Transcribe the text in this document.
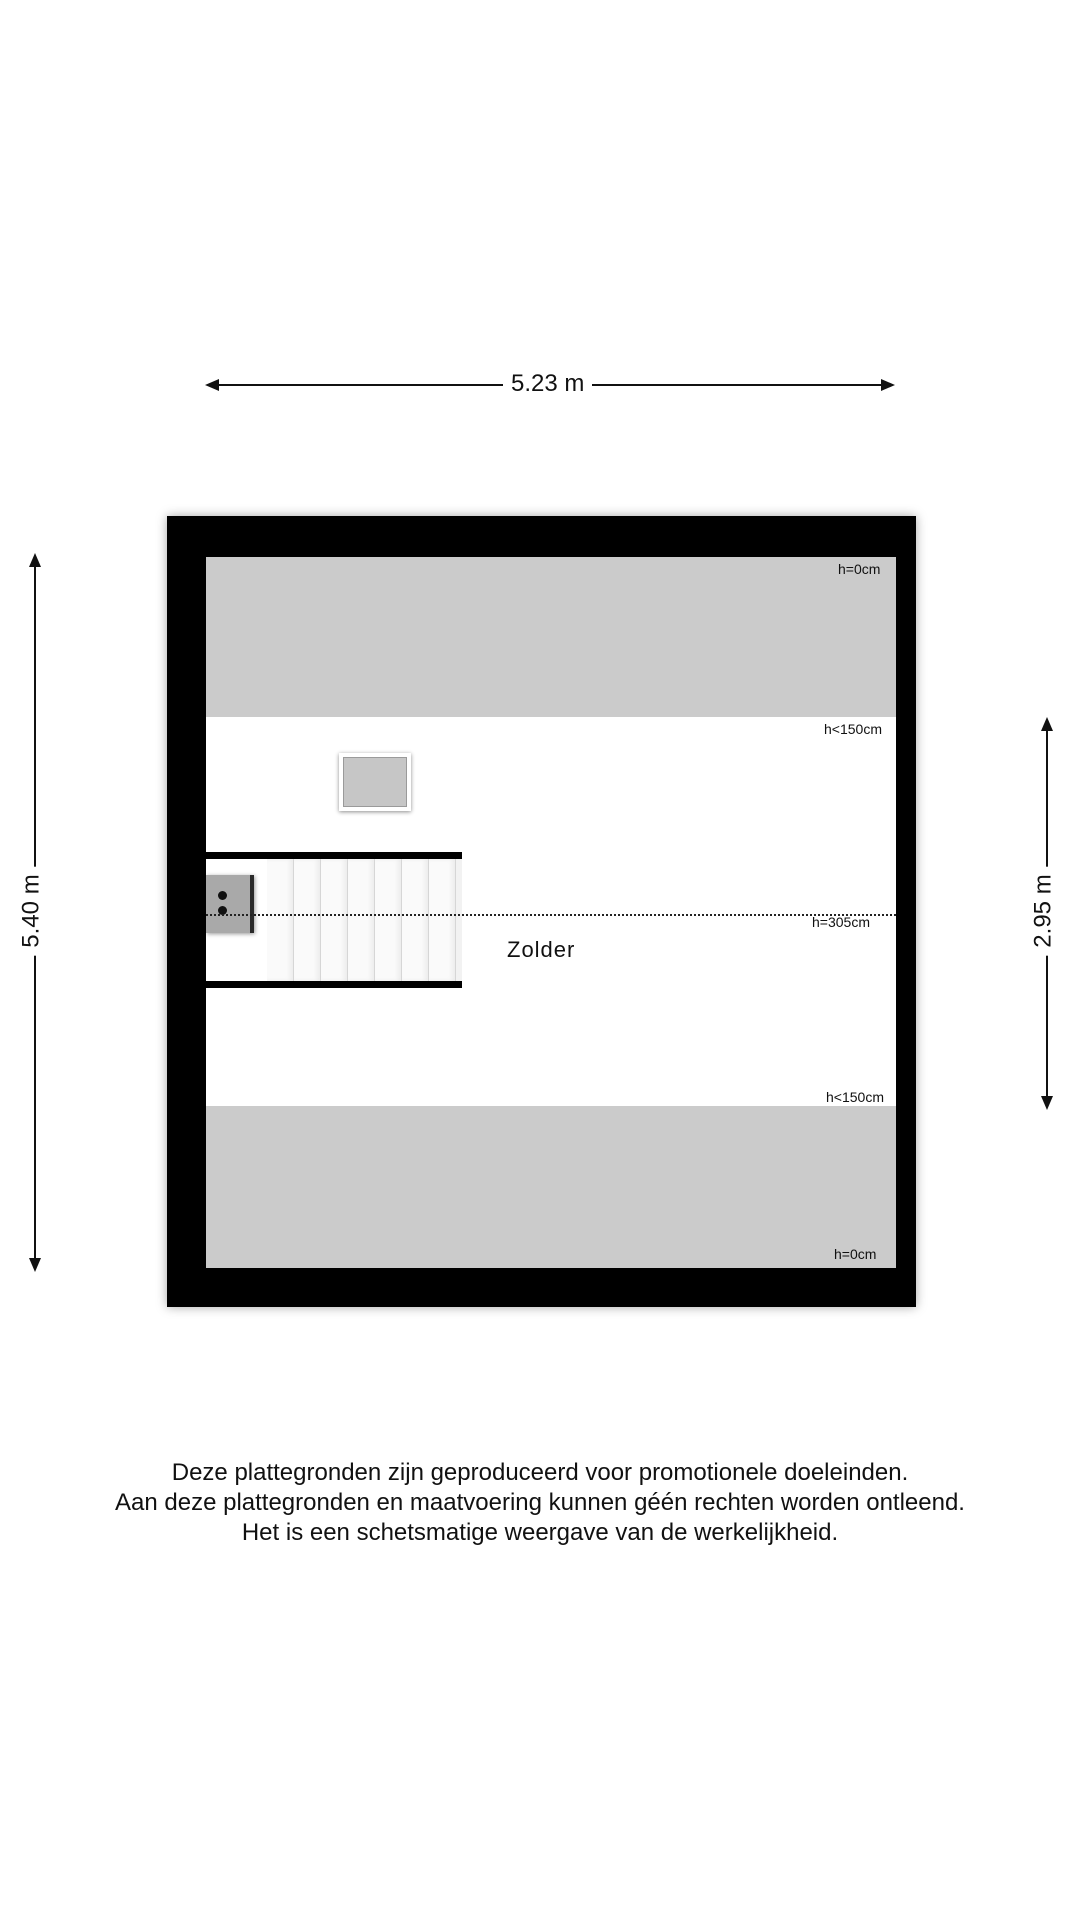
5.23 m
5.40 m	2.95 m
h=0cm
h<150cm
h=305cm
h<150cm
h=0cm
Zolder
Deze plattegronden zijn geproduceerd voor promotionele doeleinden.
Aan deze plattegronden en maatvoering kunnen géén rechten worden ontleend.
Het is een schetsmatige weergave van de werkelijkheid.
